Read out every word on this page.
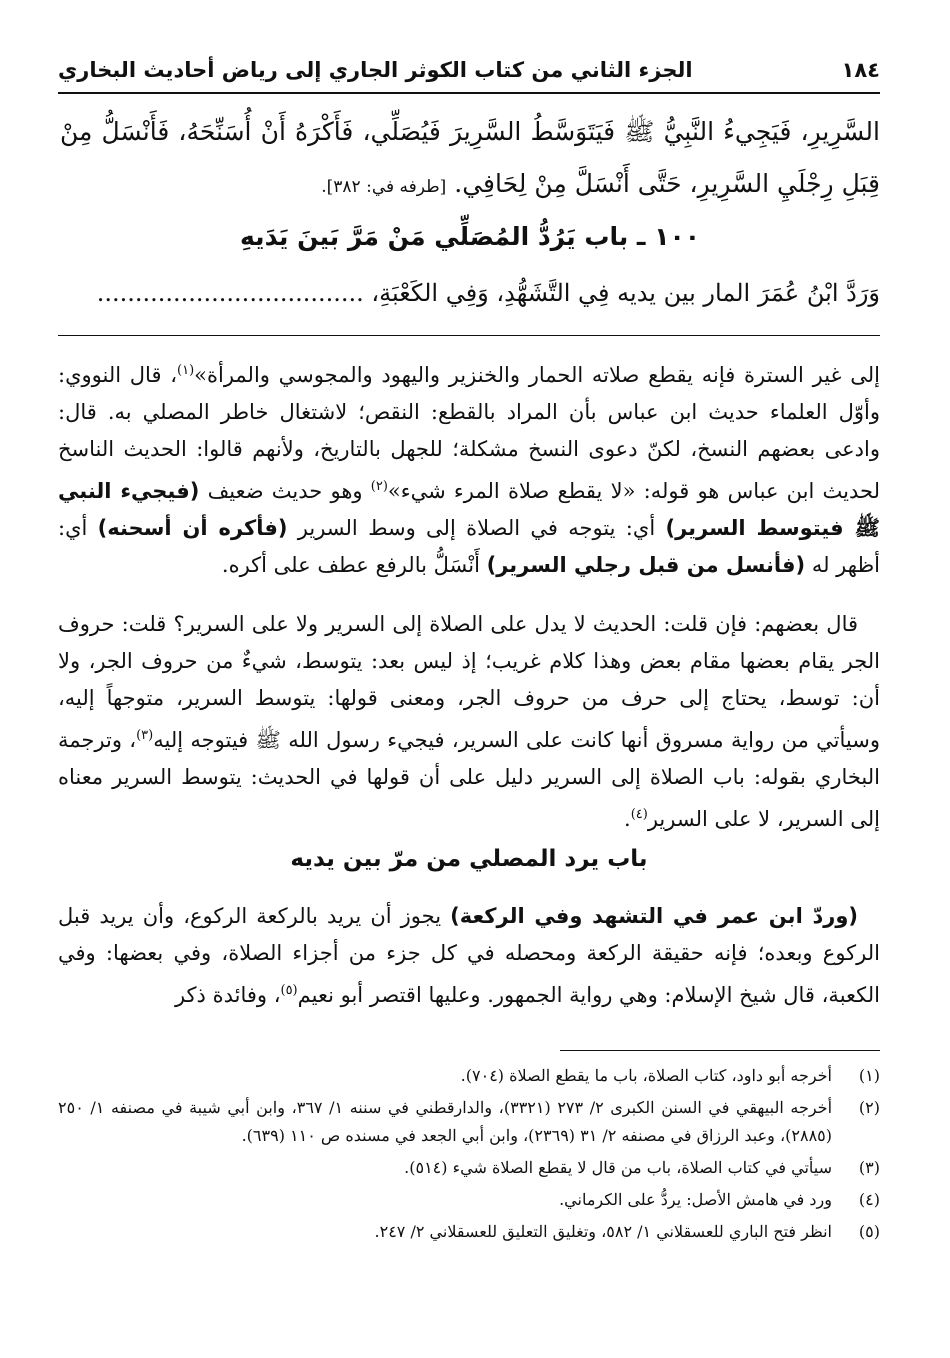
١٨٤
الجزء الثاني من كتاب الكوثر الجاري إلى رياض أحاديث البخاري
السَّرِيرِ، فَيَجِيءُ النَّبِيُّ ﷺ فَيَتَوَسَّطُ السَّرِيرَ فَيُصَلِّي، فَأَكْرَهُ أَنْ أُسَنِّحَهُ، فَأَنْسَلُّ مِنْ قِبَلِ رِجْلَيِ السَّرِيرِ، حَتَّى أَنْسَلَّ مِنْ لِحَافِي. [طرفه في: ٣٨٢].
١٠٠ ـ باب يَرُدُّ المُصَلِّي مَنْ مَرَّ بَينَ يَدَيهِ
وَرَدَّ ابْنُ عُمَرَ المار بين يديه فِي التَّشَهُّدِ، وَفِي الكَعْبَةِ، ...................................
إلى غير السترة فإنه يقطع صلاته الحمار والخنزير واليهود والمجوسي والمرأة»$^{(١)}$، قال النووي: وأوّل العلماء حديث ابن عباس بأن المراد بالقطع: النقص؛ لاشتغال خاطر المصلي به. قال: وادعى بعضهم النسخ، لكنّ دعوى النسخ مشكلة؛ للجهل بالتاريخ، ولأنهم قالوا: الحديث الناسخ لحديث ابن عباس هو قوله: «لا يقطع صلاة المرء شيء»$^{(٢)}$ وهو حديث ضعيف (فيجيء النبي ﷺ فيتوسط السرير) أي: يتوجه في الصلاة إلى وسط السرير (فأكره أن أسحنه) أي: أظهر له (فأنسل من قبل رجلي السرير) أَنْسَلُّ بالرفع عطف على أكره.
قال بعضهم: فإن قلت: الحديث لا يدل على الصلاة إلى السرير ولا على السرير؟ قلت: حروف الجر يقام بعضها مقام بعض وهذا كلام غريب؛ إذ ليس بعد: يتوسط، شيءٌ من حروف الجر، ولا أن: توسط، يحتاج إلى حرف من حروف الجر، ومعنى قولها: يتوسط السرير، متوجهاً إليه، وسيأتي من رواية مسروق أنها كانت على السرير، فيجيء رسول الله ﷺ فيتوجه إليه$^{(٣)}$، وترجمة البخاري بقوله: باب الصلاة إلى السرير دليل على أن قولها في الحديث: يتوسط السرير معناه إلى السرير، لا على السرير$^{(٤)}$.
باب يرد المصلي من مرّ بين يديه
(وردّ ابن عمر في التشهد وفي الركعة) يجوز أن يريد بالركعة الركوع، وأن يريد قبل الركوع وبعده؛ فإنه حقيقة الركعة ومحصله في كل جزء من أجزاء الصلاة، وفي بعضها: وفي الكعبة، قال شيخ الإسلام: وهي رواية الجمهور. وعليها اقتصر أبو نعيم$^{(٥)}$، وفائدة ذكر
(١)
أخرجه أبو داود، كتاب الصلاة، باب ما يقطع الصلاة (٧٠٤).
(٢)
أخرجه البيهقي في السنن الكبرى ٢/ ٢٧٣ (٣٣٢١)، والدارقطني في سننه ١/ ٣٦٧، وابن أبي شيبة في مصنفه ١/ ٢٥٠ (٢٨٨٥)، وعبد الرزاق في مصنفه ٢/ ٣١ (٢٣٦٩)، وابن أبي الجعد في مسنده ص ١١٠ (٦٣٩).
(٣)
سيأتي في كتاب الصلاة، باب من قال لا يقطع الصلاة شيء (٥١٤).
(٤)
ورد في هامش الأصل: يردُّ على الكرماني.
(٥)
انظر فتح الباري للعسقلاني ١/ ٥٨٢، وتغليق التعليق للعسقلاني ٢/ ٢٤٧.
